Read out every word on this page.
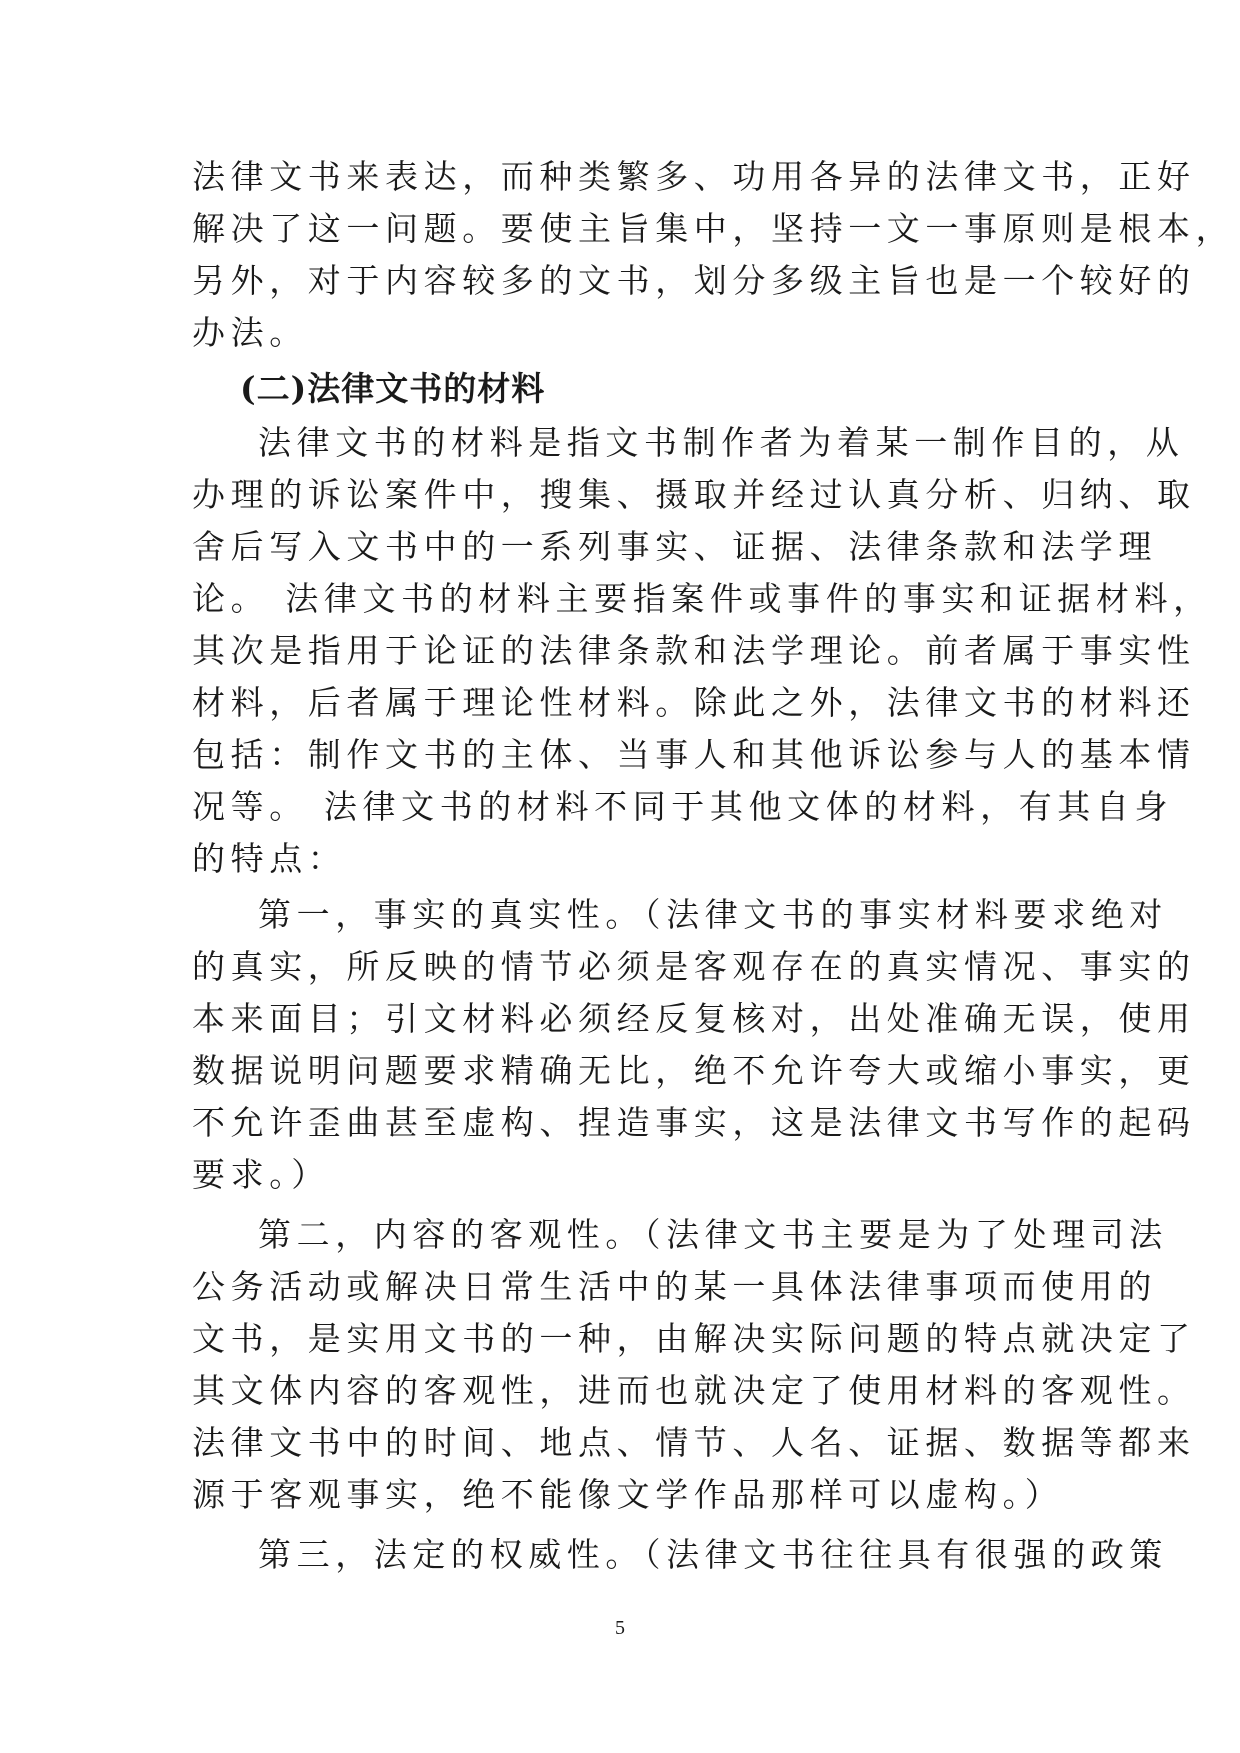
法律文书来表达，而种类繁多、功用各异的法律文书，正好
解决了这一问题。要使主旨集中，坚持一文一事原则是根本，
另外，对于内容较多的文书，划分多级主旨也是一个较好的
办法。
(二)法律文书的材料
法律文书的材料是指文书制作者为着某一制作目的，从
办理的诉讼案件中，搜集、摄取并经过认真分析、归纳、取
舍后写入文书中的一系列事实、证据、法律条款和法学理
论。 法律文书的材料主要指案件或事件的事实和证据材料，
其次是指用于论证的法律条款和法学理论。前者属于事实性
材料，后者属于理论性材料。除此之外，法律文书的材料还
包括：制作文书的主体、当事人和其他诉讼参与人的基本情
况等。 法律文书的材料不同于其他文体的材料，有其自身
的特点：
第一，事实的真实性。（法律文书的事实材料要求绝对
的真实，所反映的情节必须是客观存在的真实情况、事实的
本来面目；引文材料必须经反复核对，出处准确无误，使用
数据说明问题要求精确无比，绝不允许夸大或缩小事实，更
不允许歪曲甚至虚构、捏造事实，这是法律文书写作的起码
要求。）
第二，内容的客观性。（法律文书主要是为了处理司法
公务活动或解决日常生活中的某一具体法律事项而使用的
文书，是实用文书的一种，由解决实际问题的特点就决定了
其文体内容的客观性，进而也就决定了使用材料的客观性。
法律文书中的时间、地点、情节、人名、证据、数据等都来
源于客观事实，绝不能像文学作品那样可以虚构。）
第三，法定的权威性。（法律文书往往具有很强的政策
5
